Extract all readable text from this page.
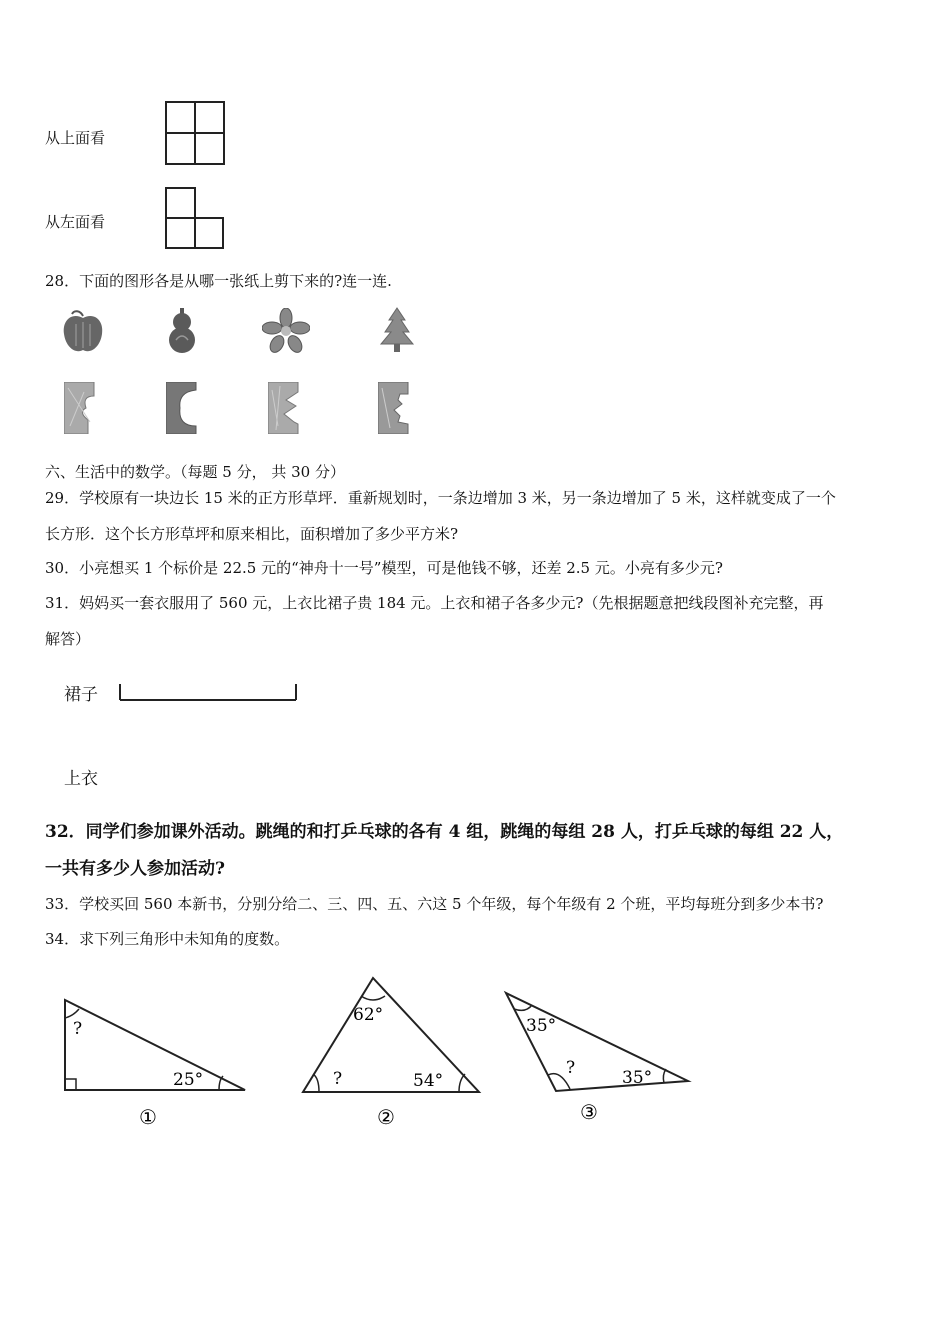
从上面看
从左面看
28．下面的图形各是从哪一张纸上剪下来的?连一连.
六、生活中的数学。（每题 5 分， 共 30 分）
29．学校原有一块边长 15 米的正方形草坪．重新规划时，一条边增加 3 米，另一条边增加了 5 米，这样就变成了一个
长方形．这个长方形草坪和原来相比，面积增加了多少平方米?
30．小亮想买 1 个标价是 22.5 元的“神舟十一号”模型，可是他钱不够，还差 2.5 元。小亮有多少元?
31．妈妈买一套衣服用了 560 元，上衣比裙子贵 184 元。上衣和裙子各多少元?（先根据题意把线段图补充完整，再
解答）
裙子
上衣
32．同学们参加课外活动。跳绳的和打乒乓球的各有 4 组，跳绳的每组 28 人，打乒乓球的每组 22 人，
一共有多少人参加活动?
33．学校买回 560 本新书，分别分给二、三、四、五、六这 5 个年级，每个年级有 2 个班，平均每班分到多少本书?
34．求下列三角形中未知角的度数。
?
25°
①
62°
?	54°
②
35°
?	35°
③
